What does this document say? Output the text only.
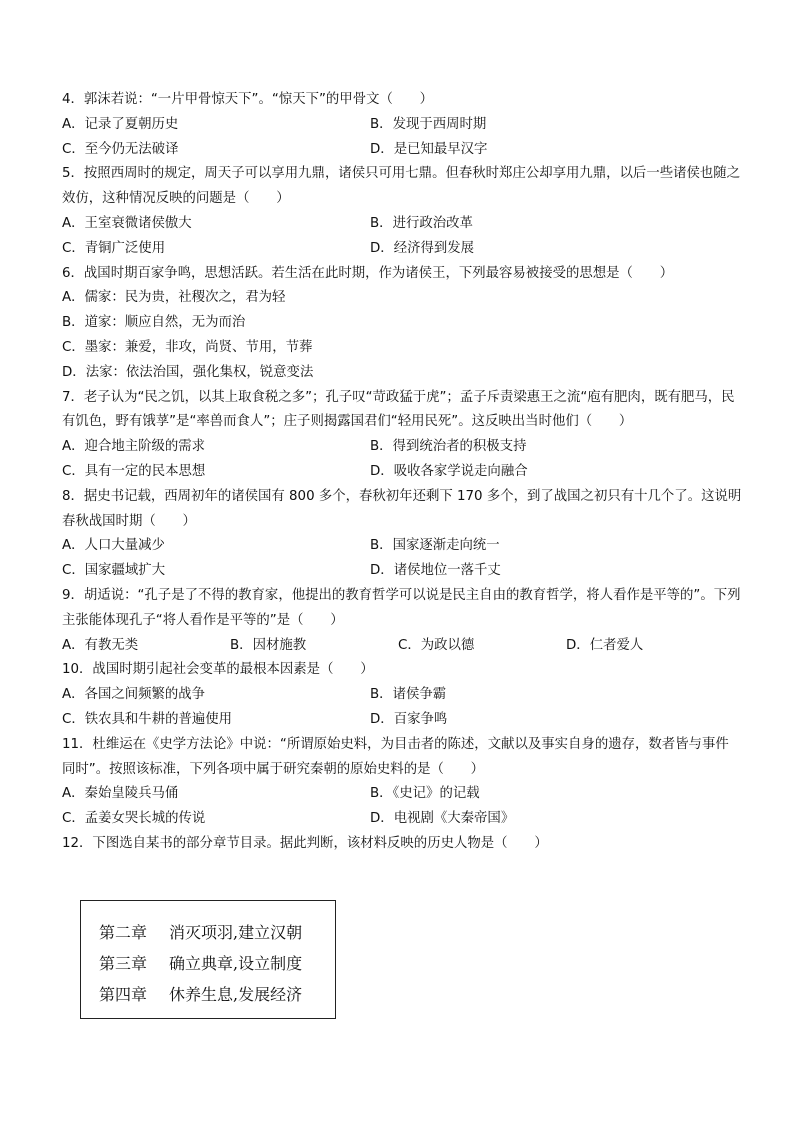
4．郭沫若说：“一片甲骨惊天下”。“惊天下”的甲骨文（　　）

A．记录了夏朝历史	B．发现于西周时期
C．至今仍无法破译	D．是已知最早汉字

5．按照西周时的规定，周天子可以享用九鼎，诸侯只可用七鼎。但春秋时郑庄公却享用九鼎，以后一些诸侯也随之效仿，这种情况反映的问题是（　　）

A．王室衰微诸侯傲大	B．进行政治改革
C．青铜广泛使用	D．经济得到发展

6．战国时期百家争鸣，思想活跃。若生活在此时期，作为诸侯王，下列最容易被接受的思想是（　　）

A．儒家：民为贵，社稷次之，君为轻
B．道家：顺应自然，无为而治
C．墨家：兼爱，非攻，尚贤、节用，节葬
D．法家：依法治国，强化集权，锐意变法

7．老子认为“民之饥，以其上取食税之多”；孔子叹“苛政猛于虎”；孟子斥责梁惠王之流“庖有肥肉，既有肥马，民有饥色，野有饿莩”是“率兽而食人”；庄子则揭露国君们“轻用民死”。这反映出当时他们（　　）

A．迎合地主阶级的需求	B．得到统治者的积极支持
C．具有一定的民本思想	D．吸收各家学说走向融合

8．据史书记载，西周初年的诸侯国有 800 多个，春秋初年还剩下 170 多个，到了战国之初只有十几个了。这说明春秋战国时期（　　）

A．人口大量减少	B．国家逐渐走向统一
C．国家疆域扩大	D．诸侯地位一落千丈

9．胡适说：“孔子是了不得的教育家，他提出的教育哲学可以说是民主自由的教育哲学，将人看作是平等的”。下列主张能体现孔子“将人看作是平等的”是（　　）

A．有教无类	B．因材施教	C．为政以德	D．仁者爱人

10．战国时期引起社会变革的最根本因素是（　　）

A．各国之间频繁的战争	B．诸侯争霸
C．铁农具和牛耕的普遍使用	D．百家争鸣

11．杜维运在《史学方法论》中说：“所谓原始史料，为目击者的陈述，文献以及事实自身的遗存，数者皆与事件同时”。按照该标准，下列各项中属于研究秦朝的原始史料的是（　　）

A．秦始皇陵兵马俑	B．《史记》的记载
C．孟姜女哭长城的传说	D．电视剧《大秦帝国》

12．下图选自某书的部分章节目录。据此判断，该材料反映的历史人物是（　　）

第二章 消灭项羽,建立汉朝
第三章 确立典章,设立制度
第四章 休养生息,发展经济
